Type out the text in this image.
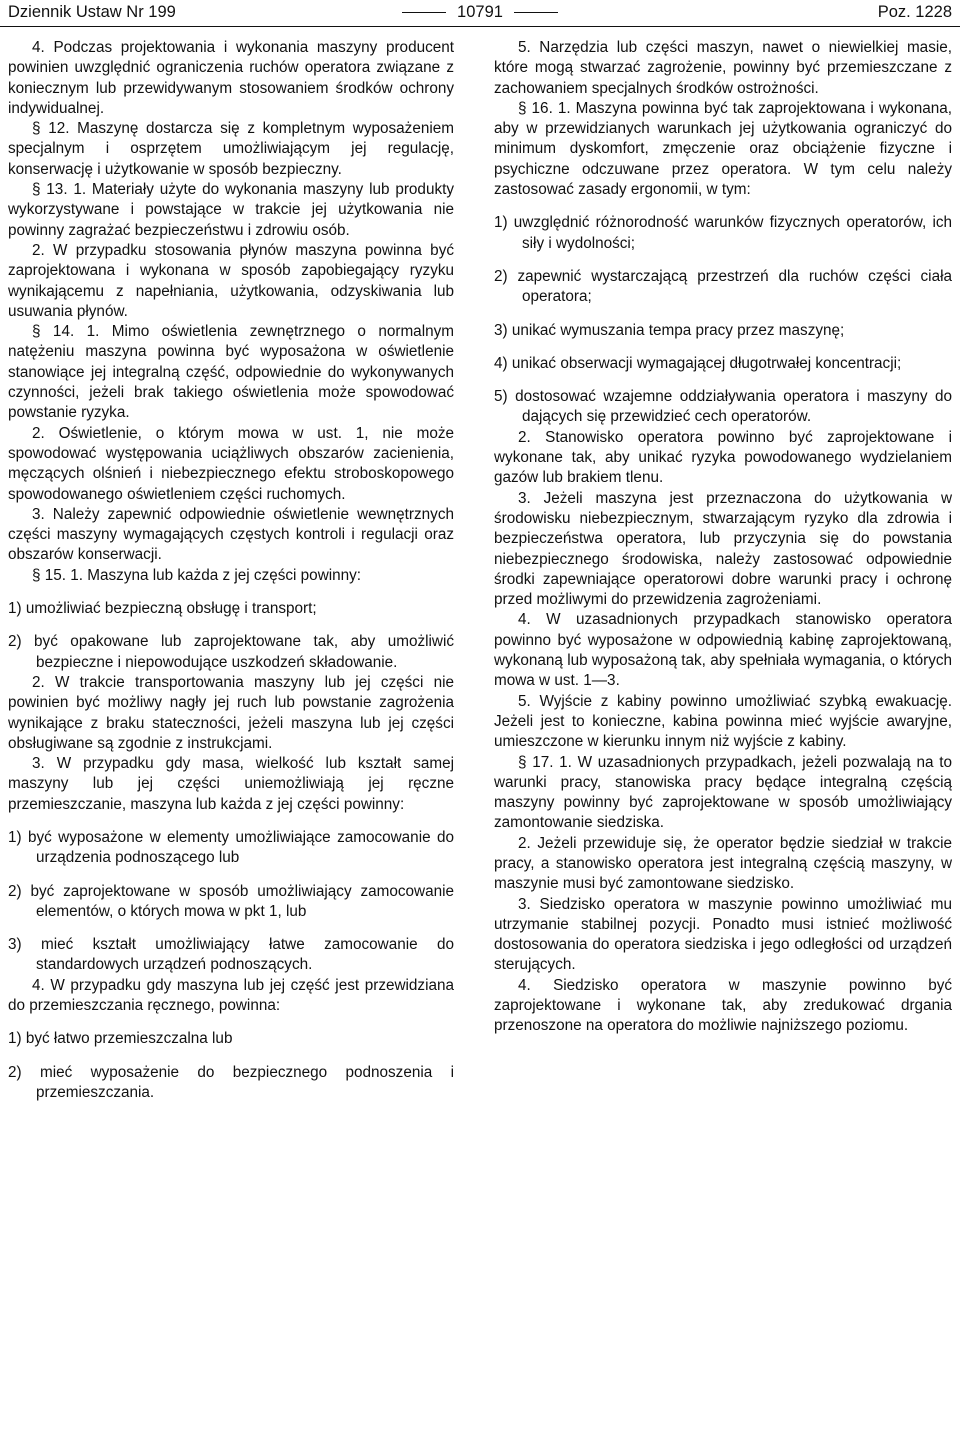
Dziennik Ustaw Nr 199	10791	Poz. 1228

4. Podczas projektowania i wykonania maszyny producent powinien uwzględnić ograniczenia ruchów operatora związane z koniecznym lub przewidywanym stosowaniem środków ochrony indywidualnej.

§ 12. Maszynę dostarcza się z kompletnym wyposażeniem specjalnym i osprzętem umożliwiającym jej regulację, konserwację i użytkowanie w sposób bezpieczny.

§ 13. 1. Materiały użyte do wykonania maszyny lub produkty wykorzystywane i powstające w trakcie jej użytkowania nie powinny zagrażać bezpieczeństwu i zdrowiu osób.

2. W przypadku stosowania płynów maszyna powinna być zaprojektowana i wykonana w sposób zapobiegający ryzyku wynikającemu z napełniania, użytkowania, odzyskiwania lub usuwania płynów.

§ 14. 1. Mimo oświetlenia zewnętrznego o normalnym natężeniu maszyna powinna być wyposażona w oświetlenie stanowiące jej integralną część, odpowiednie do wykonywanych czynności, jeżeli brak takiego oświetlenia może spowodować powstanie ryzyka.

2. Oświetlenie, o którym mowa w ust. 1, nie może spowodować występowania uciążliwych obszarów zacienienia, męczących olśnień i niebezpiecznego efektu stroboskopowego spowodowanego oświetleniem części ruchomych.

3. Należy zapewnić odpowiednie oświetlenie wewnętrznych części maszyny wymagających częstych kontroli i regulacji oraz obszarów konserwacji.

§ 15. 1. Maszyna lub każda z jej części powinny:

1) umożliwiać bezpieczną obsługę i transport;
2) być opakowane lub zaprojektowane tak, aby umożliwić bezpieczne i niepowodujące uszkodzeń składowanie.

2. W trakcie transportowania maszyny lub jej części nie powinien być możliwy nagły jej ruch lub powstanie zagrożenia wynikające z braku stateczności, jeżeli maszyna lub jej części obsługiwane są zgodnie z instrukcjami.

3. W przypadku gdy masa, wielkość lub kształt samej maszyny lub jej części uniemożliwiają jej ręczne przemieszczanie, maszyna lub każda z jej części powinny:

1) być wyposażone w elementy umożliwiające zamocowanie do urządzenia podnoszącego lub
2) być zaprojektowane w sposób umożliwiający zamocowanie elementów, o których mowa w pkt 1, lub
3) mieć kształt umożliwiający łatwe zamocowanie do standardowych urządzeń podnoszących.

4. W przypadku gdy maszyna lub jej część jest przewidziana do przemieszczania ręcznego, powinna:

1) być łatwo przemieszczalna lub
2) mieć wyposażenie do bezpiecznego podnoszenia i przemieszczania.

5. Narzędzia lub części maszyn, nawet o niewielkiej masie, które mogą stwarzać zagrożenie, powinny być przemieszczane z zachowaniem specjalnych środków ostrożności.

§ 16. 1. Maszyna powinna być tak zaprojektowana i wykonana, aby w przewidzianych warunkach jej użytkowania ograniczyć do minimum dyskomfort, zmęczenie oraz obciążenie fizyczne i psychiczne odczuwane przez operatora. W tym celu należy zastosować zasady ergonomii, w tym:

1) uwzględnić różnorodność warunków fizycznych operatorów, ich siły i wydolności;
2) zapewnić wystarczającą przestrzeń dla ruchów części ciała operatora;
3) unikać wymuszania tempa pracy przez maszynę;
4) unikać obserwacji wymagającej długotrwałej koncentracji;
5) dostosować wzajemne oddziaływania operatora i maszyny do dających się przewidzieć cech operatorów.

2. Stanowisko operatora powinno być zaprojektowane i wykonane tak, aby unikać ryzyka powodowanego wydzielaniem gazów lub brakiem tlenu.

3. Jeżeli maszyna jest przeznaczona do użytkowania w środowisku niebezpiecznym, stwarzającym ryzyko dla zdrowia i bezpieczeństwa operatora, lub przyczynia się do powstania niebezpiecznego środowiska, należy zastosować odpowiednie środki zapewniające operatorowi dobre warunki pracy i ochronę przed możliwymi do przewidzenia zagrożeniami.

4. W uzasadnionych przypadkach stanowisko operatora powinno być wyposażone w odpowiednią kabinę zaprojektowaną, wykonaną lub wyposażoną tak, aby spełniała wymagania, o których mowa w ust. 1—3.

5. Wyjście z kabiny powinno umożliwiać szybką ewakuację. Jeżeli jest to konieczne, kabina powinna mieć wyjście awaryjne, umieszczone w kierunku innym niż wyjście z kabiny.

§ 17. 1. W uzasadnionych przypadkach, jeżeli pozwalają na to warunki pracy, stanowiska pracy będące integralną częścią maszyny powinny być zaprojektowane w sposób umożliwiający zamontowanie siedziska.

2. Jeżeli przewiduje się, że operator będzie siedział w trakcie pracy, a stanowisko operatora jest integralną częścią maszyny, w maszynie musi być zamontowane siedzisko.

3. Siedzisko operatora w maszynie powinno umożliwiać mu utrzymanie stabilnej pozycji. Ponadto musi istnieć możliwość dostosowania do operatora siedziska i jego odległości od urządzeń sterujących.

4. Siedzisko operatora w maszynie powinno być zaprojektowane i wykonane tak, aby zredukować drgania przenoszone na operatora do możliwie najniższego poziomu.
